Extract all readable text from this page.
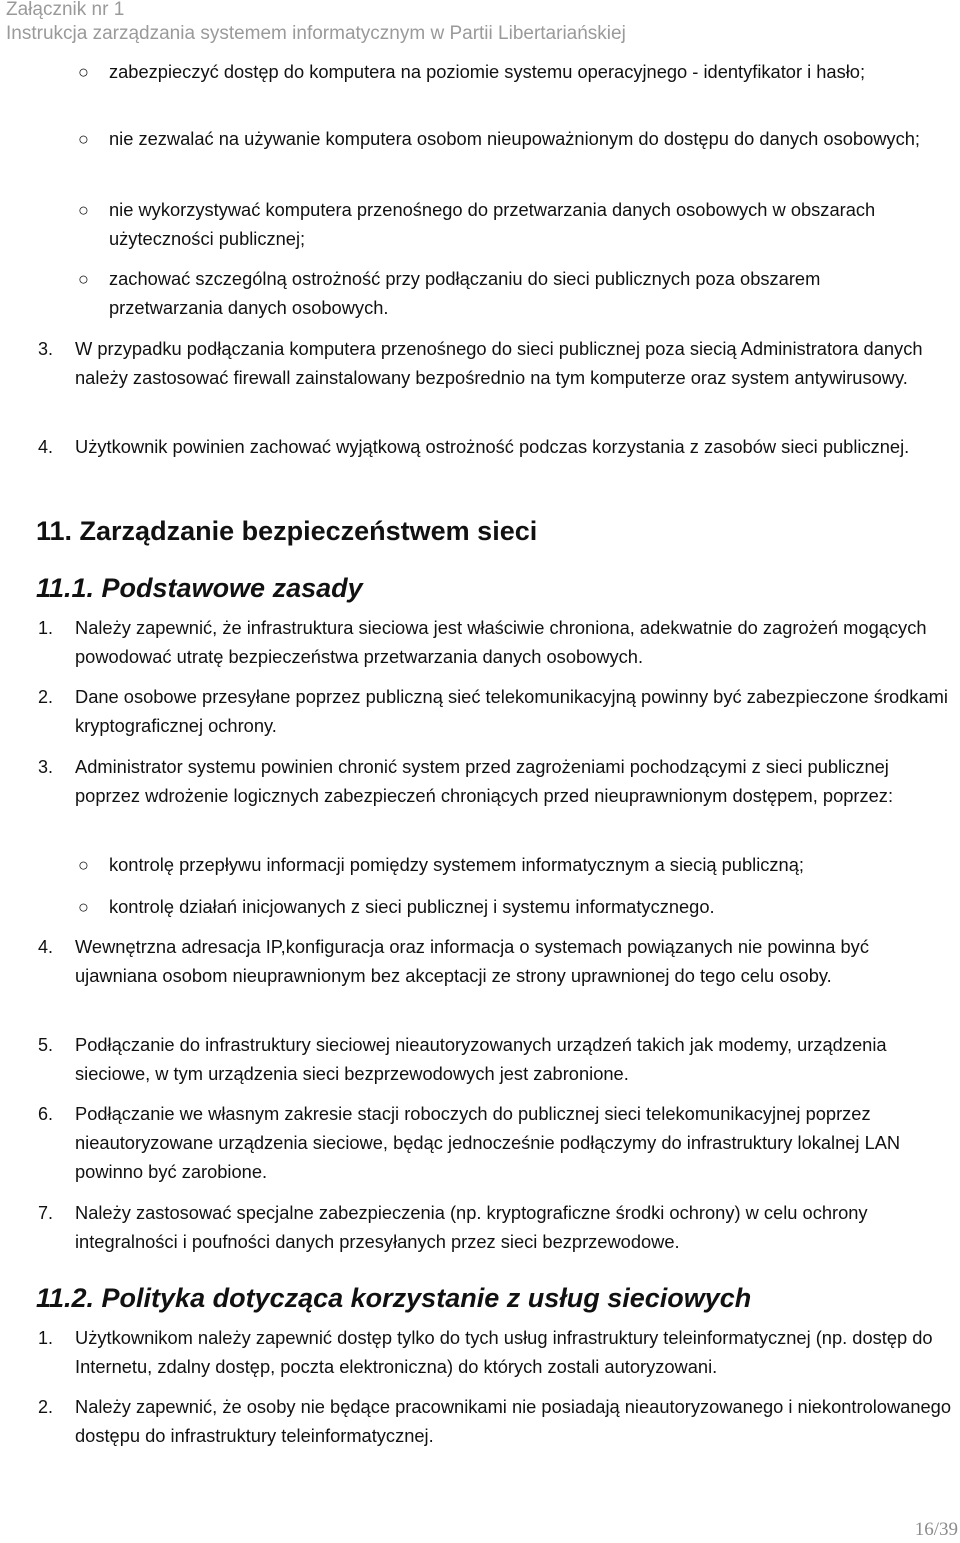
Załącznik nr 1
Instrukcja zarządzania systemem informatycznym w Partii Libertariańskiej
○ zabezpieczyć dostęp do komputera na poziomie systemu operacyjnego - identyfikator i hasło;
○ nie zezwalać na używanie komputera osobom nieupoważnionym do dostępu do danych osobowych;
○ nie wykorzystywać komputera przenośnego do przetwarzania danych osobowych w obszarach użyteczności publicznej;
○ zachować szczególną ostrożność przy podłączaniu do sieci publicznych poza obszarem przetwarzania danych osobowych.
3. W przypadku podłączania komputera przenośnego do sieci publicznej poza siecią Administratora danych należy zastosować firewall zainstalowany bezpośrednio na tym komputerze oraz system antywirusowy.
4. Użytkownik powinien zachować wyjątkową ostrożność podczas korzystania z zasobów sieci publicznej.
11. Zarządzanie bezpieczeństwem sieci
11.1. Podstawowe zasady
1. Należy zapewnić, że infrastruktura sieciowa jest właściwie chroniona, adekwatnie do zagrożeń mogących powodować utratę bezpieczeństwa przetwarzania danych osobowych.
2. Dane osobowe przesyłane poprzez publiczną sieć telekomunikacyjną powinny być zabezpieczone środkami kryptograficznej ochrony.
3. Administrator systemu powinien chronić system przed zagrożeniami pochodzącymi z sieci publicznej poprzez wdrożenie logicznych zabezpieczeń chroniących przed nieuprawnionym dostępem, poprzez:
○ kontrolę przepływu informacji pomiędzy systemem informatycznym a siecią publiczną;
○ kontrolę działań inicjowanych z sieci publicznej i systemu informatycznego.
4. Wewnętrzna adresacja IP,konfiguracja oraz informacja o systemach powiązanych nie powinna być ujawniana osobom nieuprawnionym bez akceptacji ze strony uprawnionej do tego celu osoby.
5. Podłączanie do infrastruktury sieciowej nieautoryzowanych urządzeń takich jak modemy, urządzenia sieciowe, w tym urządzenia sieci bezprzewodowych jest zabronione.
6. Podłączanie we własnym zakresie stacji roboczych do publicznej sieci telekomunikacyjnej poprzez nieautoryzowane urządzenia sieciowe, będąc jednocześnie podłączymy do infrastruktury lokalnej LAN powinno być zarobione.
7. Należy zastosować specjalne zabezpieczenia (np. kryptograficzne środki ochrony) w celu ochrony integralności i poufności danych przesyłanych przez sieci bezprzewodowe.
11.2. Polityka dotycząca korzystanie z usług sieciowych
1. Użytkownikom należy zapewnić dostęp tylko do tych usług infrastruktury teleinformatycznej (np. dostęp do Internetu, zdalny dostęp, poczta elektroniczna) do których zostali autoryzowani.
2. Należy zapewnić, że osoby nie będące pracownikami nie posiadają nieautoryzowanego i niekontrolowanego dostępu do infrastruktury teleinformatycznej.
16/39
